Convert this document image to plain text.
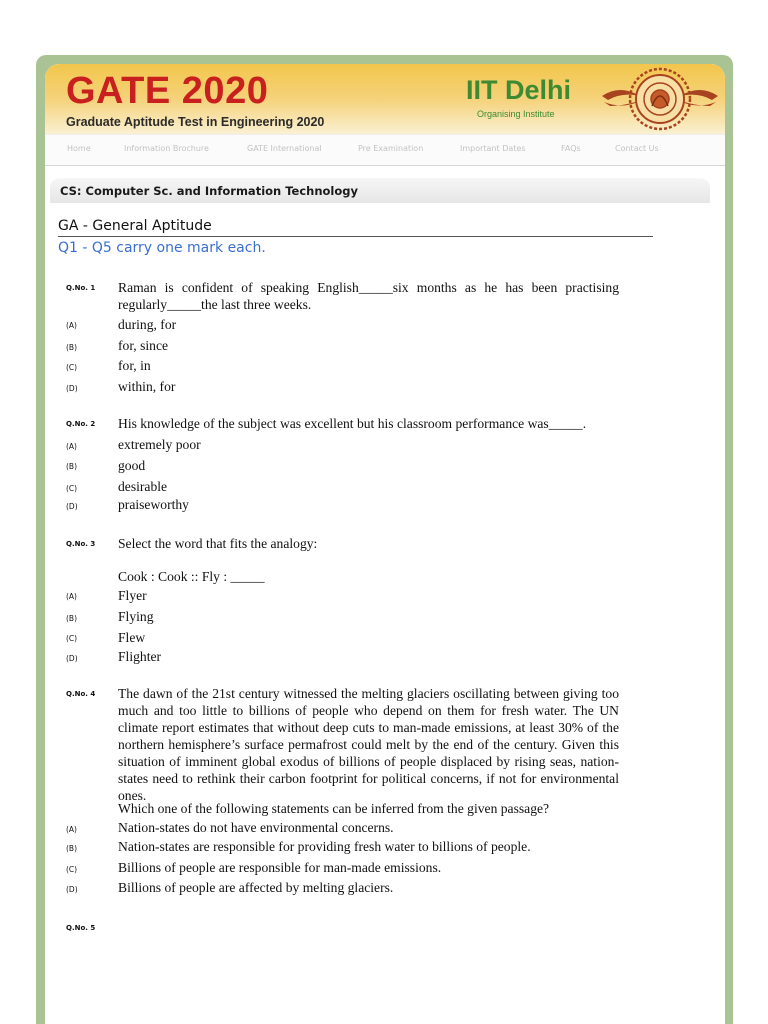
GATE 2020
Graduate Aptitude Test in Engineering 2020
IIT Delhi
Organising Institute
Home	Information Brochure	GATE International	Pre Examination	Important Dates	FAQs	Contact Us
CS: Computer Sc. and Information Technology
GA - General Aptitude
Q1 - Q5 carry one mark each.
Q.No. 1 Raman is confident of speaking English_____six months as he has been practising regularly_____the last three weeks.
(A)	during, for
(B)	for, since
(C)	for, in
(D)	within, for
Q.No. 2 His knowledge of the subject was excellent but his classroom performance was_____.
(A)	extremely poor
(B)	good
(C)	desirable
(D)	praiseworthy
Q.No. 3 Select the word that fits the analogy:
Cook : Cook :: Fly : _____
(A)	Flyer
(B)	Flying
(C)	Flew
(D)	Flighter
Q.No. 4 The dawn of the 21st century witnessed the melting glaciers oscillating between giving too much and too little to billions of people who depend on them for fresh water. The UN climate report estimates that without deep cuts to man-made emissions, at least 30% of the northern hemisphere’s surface permafrost could melt by the end of the century. Given this situation of imminent global exodus of billions of people displaced by rising seas, nation- states need to rethink their carbon footprint for political concerns, if not for environmental ones.
Which one of the following statements can be inferred from the given passage?
(A)	Nation-states do not have environmental concerns.
(B)	Nation-states are responsible for providing fresh water to billions of people.
(C)	Billions of people are responsible for man-made emissions.
(D)	Billions of people are affected by melting glaciers.
Q.No. 5
